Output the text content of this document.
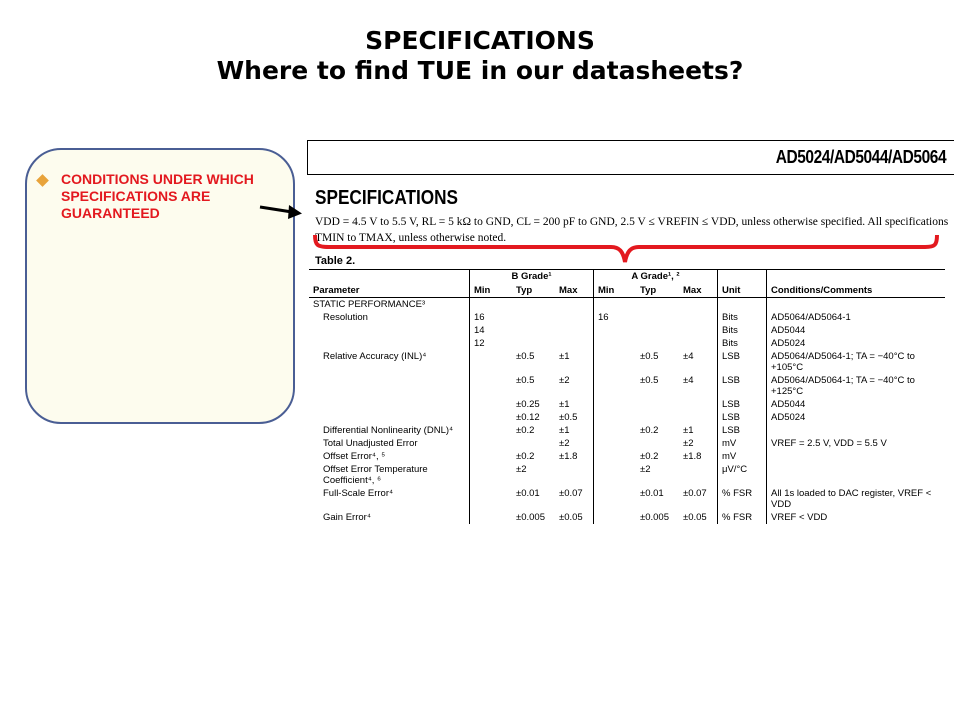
SPECIFICATIONS
Where to find TUE in our datasheets?
CONDITIONS UNDER WHICH SPECIFICATIONS ARE GUARANTEED
AD5024/AD5044/AD5064
SPECIFICATIONS
VDD = 4.5 V to 5.5 V, RL = 5 kΩ to GND, CL = 200 pF to GND, 2.5 V ≤ VREFIN ≤ VDD, unless otherwise specified. All specifications TMIN to TMAX, unless otherwise noted.
Table 2.
	B Grade¹			A Grade¹, ²				
Parameter	Min	Typ	Max	Min	Typ	Max	Unit	Conditions/Comments
STATIC PERFORMANCE³								
Resolution	16			16			Bits	AD5064/AD5064-1
	14						Bits	AD5044
	12						Bits	AD5024
Relative Accuracy (INL)⁴		±0.5	±1		±0.5	±4	LSB	AD5064/AD5064-1; TA = −40°C to +105°C
		±0.5	±2		±0.5	±4	LSB	AD5064/AD5064-1; TA = −40°C to +125°C
		±0.25	±1				LSB	AD5044
		±0.12	±0.5				LSB	AD5024
Differential Nonlinearity (DNL)⁴		±0.2	±1		±0.2	±1	LSB	
Total Unadjusted Error			±2			±2	mV	VREF = 2.5 V, VDD = 5.5 V
Offset Error⁴, ⁵		±0.2	±1.8		±0.2	±1.8	mV	
Offset Error Temperature Coefficient⁴, ⁶		±2			±2		μV/°C	
Full-Scale Error⁴		±0.01	±0.07		±0.01	±0.07	% FSR	All 1s loaded to DAC register, VREF < VDD
Gain Error⁴		±0.005	±0.05		±0.005	±0.05	% FSR	VREF < VDD
